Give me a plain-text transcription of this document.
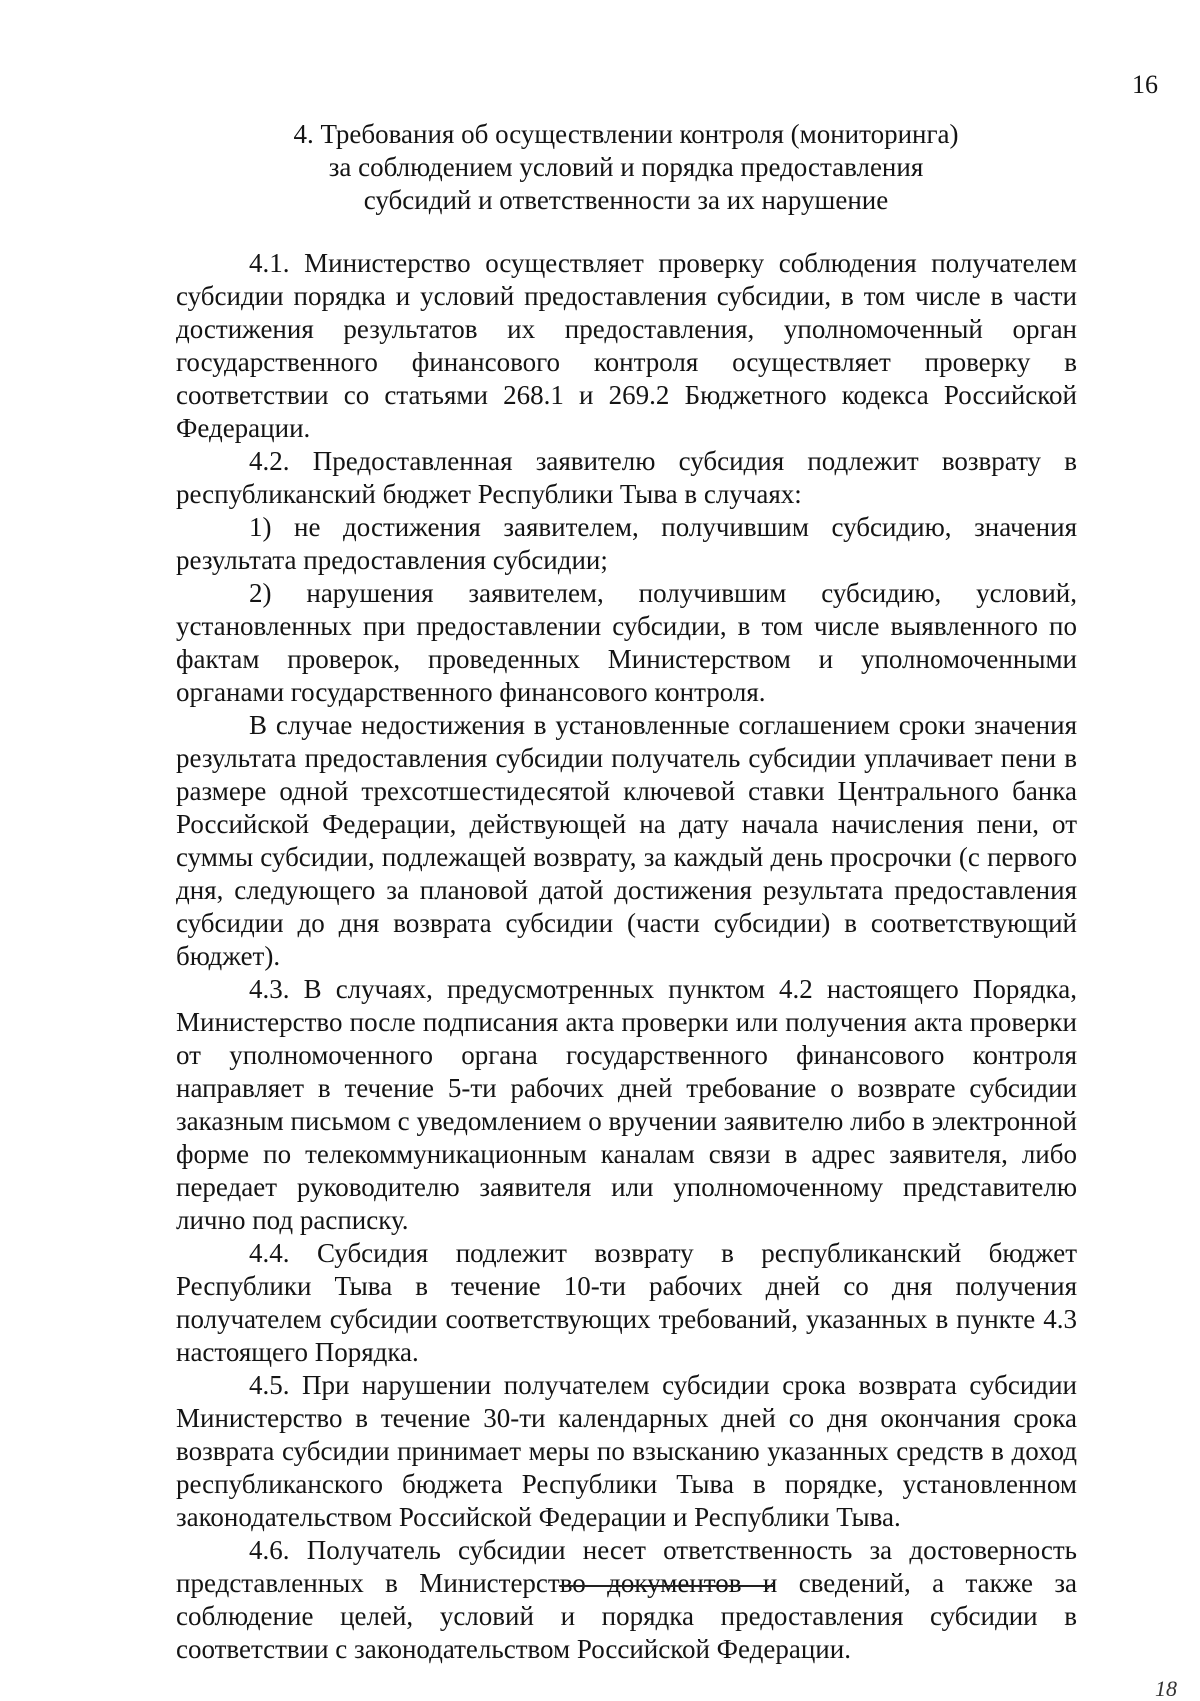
16
4. Требования об осуществлении контроля (мониторинга)
за соблюдением условий и порядка предоставления
субсидий и ответственности за их нарушение

4.1. Министерство осуществляет проверку соблюдения получателем субсидии порядка и условий предоставления субсидии, в том числе в части достижения результатов их предоставления, уполномоченный орган государственного финансового контроля осуществляет проверку в соответствии со статьями 268.1 и 269.2 Бюджетного кодекса Российской Федерации.

4.2. Предоставленная заявителю субсидия подлежит возврату в республиканский бюджет Республики Тыва в случаях:

1) не достижения заявителем, получившим субсидию, значения результата предоставления субсидии;

2) нарушения заявителем, получившим субсидию, условий, установленных при предоставлении субсидии, в том числе выявленного по фактам проверок, проведенных Министерством и уполномоченными органами государственного финансового контроля.

В случае недостижения в установленные соглашением сроки значения результата предоставления субсидии получатель субсидии уплачивает пени в размере одной трехсотшестидесятой ключевой ставки Центрального банка Российской Федерации, действующей на дату начала начисления пени, от суммы субсидии, подлежащей возврату, за каждый день просрочки (с первого дня, следующего за плановой датой достижения результата предоставления субсидии до дня возврата субсидии (части субсидии) в соответствующий бюджет).

4.3. В случаях, предусмотренных пунктом 4.2 настоящего Порядка, Министерство после подписания акта проверки или получения акта проверки от уполномоченного органа государственного финансового контроля направляет в течение 5-ти рабочих дней требование о возврате субсидии заказным письмом с уведомлением о вручении заявителю либо в электронной форме по телекоммуникационным каналам связи в адрес заявителя, либо передает руководителю заявителя или уполномоченному представителю лично под расписку.

4.4. Субсидия подлежит возврату в республиканский бюджет Республики Тыва в течение 10-ти рабочих дней со дня получения получателем субсидии соответствующих требований, указанных в пункте 4.3 настоящего Порядка.

4.5. При нарушении получателем субсидии срока возврата субсидии Министерство в течение 30-ти календарных дней со дня окончания срока возврата субсидии принимает меры по взысканию указанных средств в доход республиканского бюджета Республики Тыва в порядке, установленном законодательством Российской Федерации и Республики Тыва.

4.6. Получатель субсидии несет ответственность за достоверность представленных в Министерство документов и сведений, а также за соблюдение целей, условий и порядка предоставления субсидии в соответствии с законодательством Российской Федерации.

18
